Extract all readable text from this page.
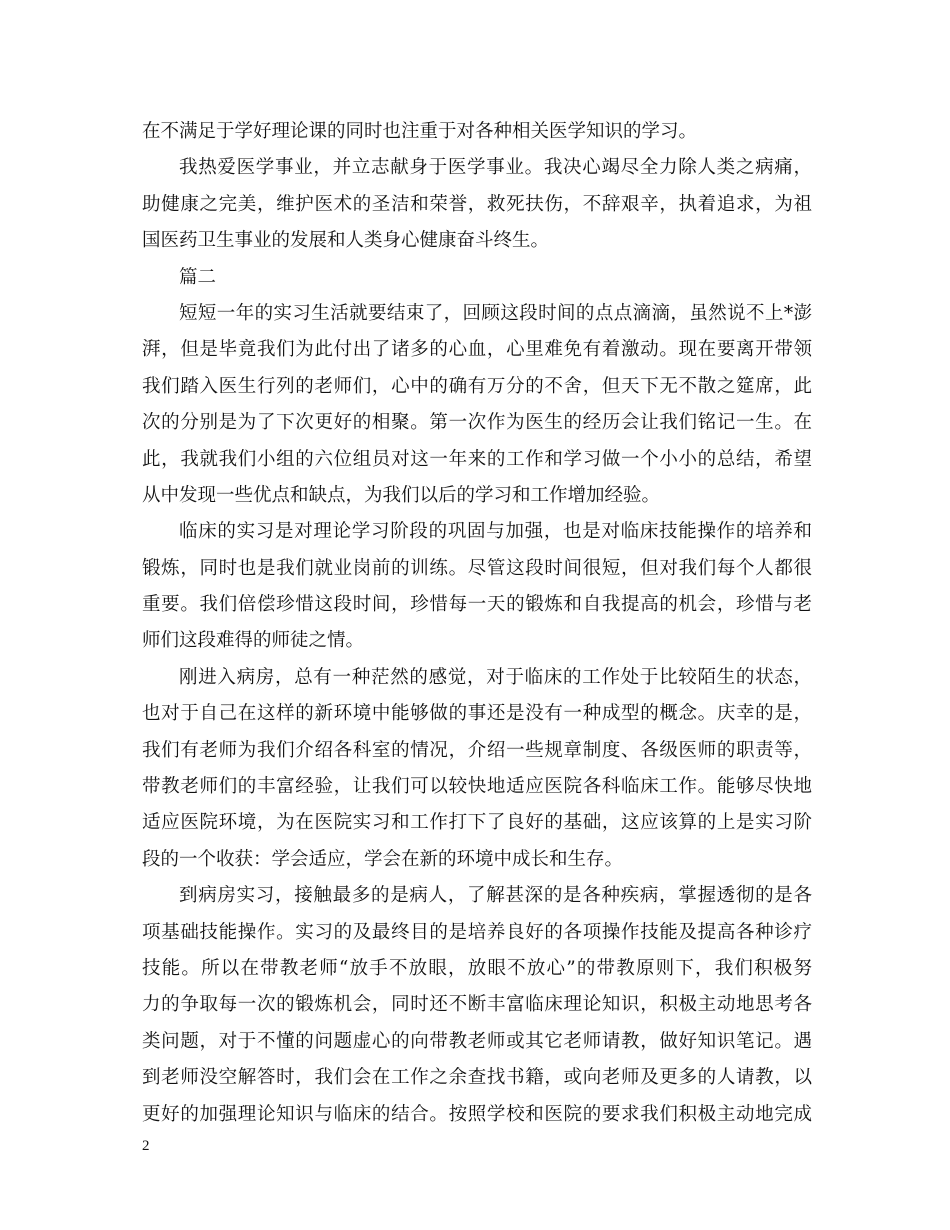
在不满足于学好理论课的同时也注重于对各种相关医学知识的学习。
我热爱医学事业，并立志献身于医学事业。我决心竭尽全力除人类之病痛，
助健康之完美，维护医术的圣洁和荣誉，救死扶伤，不辞艰辛，执着追求，为祖
国医药卫生事业的发展和人类身心健康奋斗终生。
篇二
短短一年的实习生活就要结束了，回顾这段时间的点点滴滴，虽然说不上*澎
湃，但是毕竟我们为此付出了诸多的心血，心里难免有着激动。现在要离开带领
我们踏入医生行列的老师们，心中的确有万分的不舍，但天下无不散之筵席，此
次的分别是为了下次更好的相聚。第一次作为医生的经历会让我们铭记一生。在
此，我就我们小组的六位组员对这一年来的工作和学习做一个小小的总结，希望
从中发现一些优点和缺点，为我们以后的学习和工作增加经验。
临床的实习是对理论学习阶段的巩固与加强，也是对临床技能操作的培养和
锻炼，同时也是我们就业岗前的训练。尽管这段时间很短，但对我们每个人都很
重要。我们倍偿珍惜这段时间，珍惜每一天的锻炼和自我提高的机会，珍惜与老
师们这段难得的师徒之情。
刚进入病房，总有一种茫然的感觉，对于临床的工作处于比较陌生的状态，
也对于自己在这样的新环境中能够做的事还是没有一种成型的概念。庆幸的是，
我们有老师为我们介绍各科室的情况，介绍一些规章制度、各级医师的职责等，
带教老师们的丰富经验，让我们可以较快地适应医院各科临床工作。能够尽快地
适应医院环境，为在医院实习和工作打下了良好的基础，这应该算的上是实习阶
段的一个收获：学会适应，学会在新的环境中成长和生存。
到病房实习，接触最多的是病人，了解甚深的是各种疾病，掌握透彻的是各
项基础技能操作。实习的及最终目的是培养良好的各项操作技能及提高各种诊疗
技能。所以在带教老师“放手不放眼，放眼不放心”的带教原则下，我们积极努
力的争取每一次的锻炼机会，同时还不断丰富临床理论知识，积极主动地思考各
类问题，对于不懂的问题虚心的向带教老师或其它老师请教，做好知识笔记。遇
到老师没空解答时，我们会在工作之余查找书籍，或向老师及更多的人请教，以
更好的加强理论知识与临床的结合。按照学校和医院的要求我们积极主动地完成
2
